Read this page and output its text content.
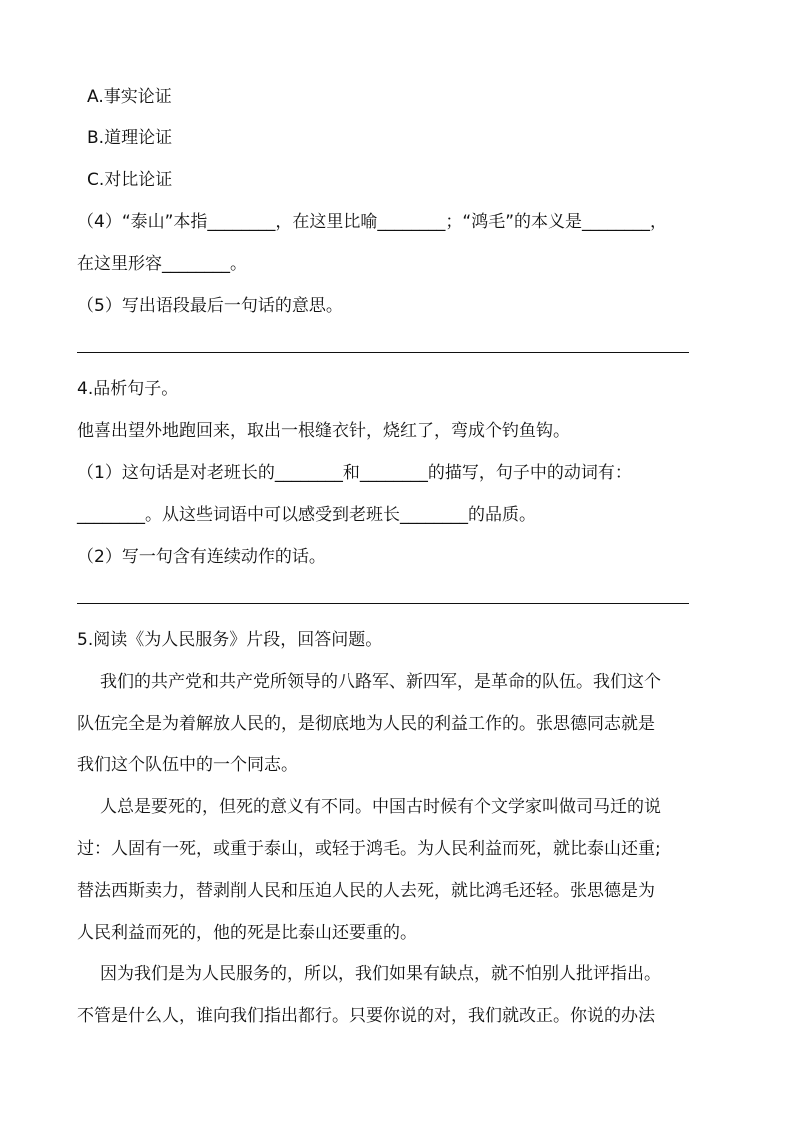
A.事实论证
B.道理论证
C.对比论证
（4）“泰山”本指________，在这里比喻________；“鸿毛”的本义是________，
在这里形容________。
（5）写出语段最后一句话的意思。
4.品析句子。
他喜出望外地跑回来，取出一根缝衣针，烧红了，弯成个钓鱼钩。
（1）这句话是对老班长的________和________的描写，句子中的动词有：
________。从这些词语中可以感受到老班长________的品质。
（2）写一句含有连续动作的话。
5.阅读《为人民服务》片段，回答问题。
我们的共产党和共产党所领导的八路军、新四军，是革命的队伍。我们这个
队伍完全是为着解放人民的，是彻底地为人民的利益工作的。张思德同志就是
我们这个队伍中的一个同志。
人总是要死的，但死的意义有不同。中国古时候有个文学家叫做司马迁的说
过：人固有一死，或重于泰山，或轻于鸿毛。为人民利益而死，就比泰山还重;
替法西斯卖力，替剥削人民和压迫人民的人去死，就比鸿毛还轻。张思德是为
人民利益而死的，他的死是比泰山还要重的。
因为我们是为人民服务的，所以，我们如果有缺点，就不怕别人批评指出。
不管是什么人，谁向我们指出都行。只要你说的对，我们就改正。你说的办法
